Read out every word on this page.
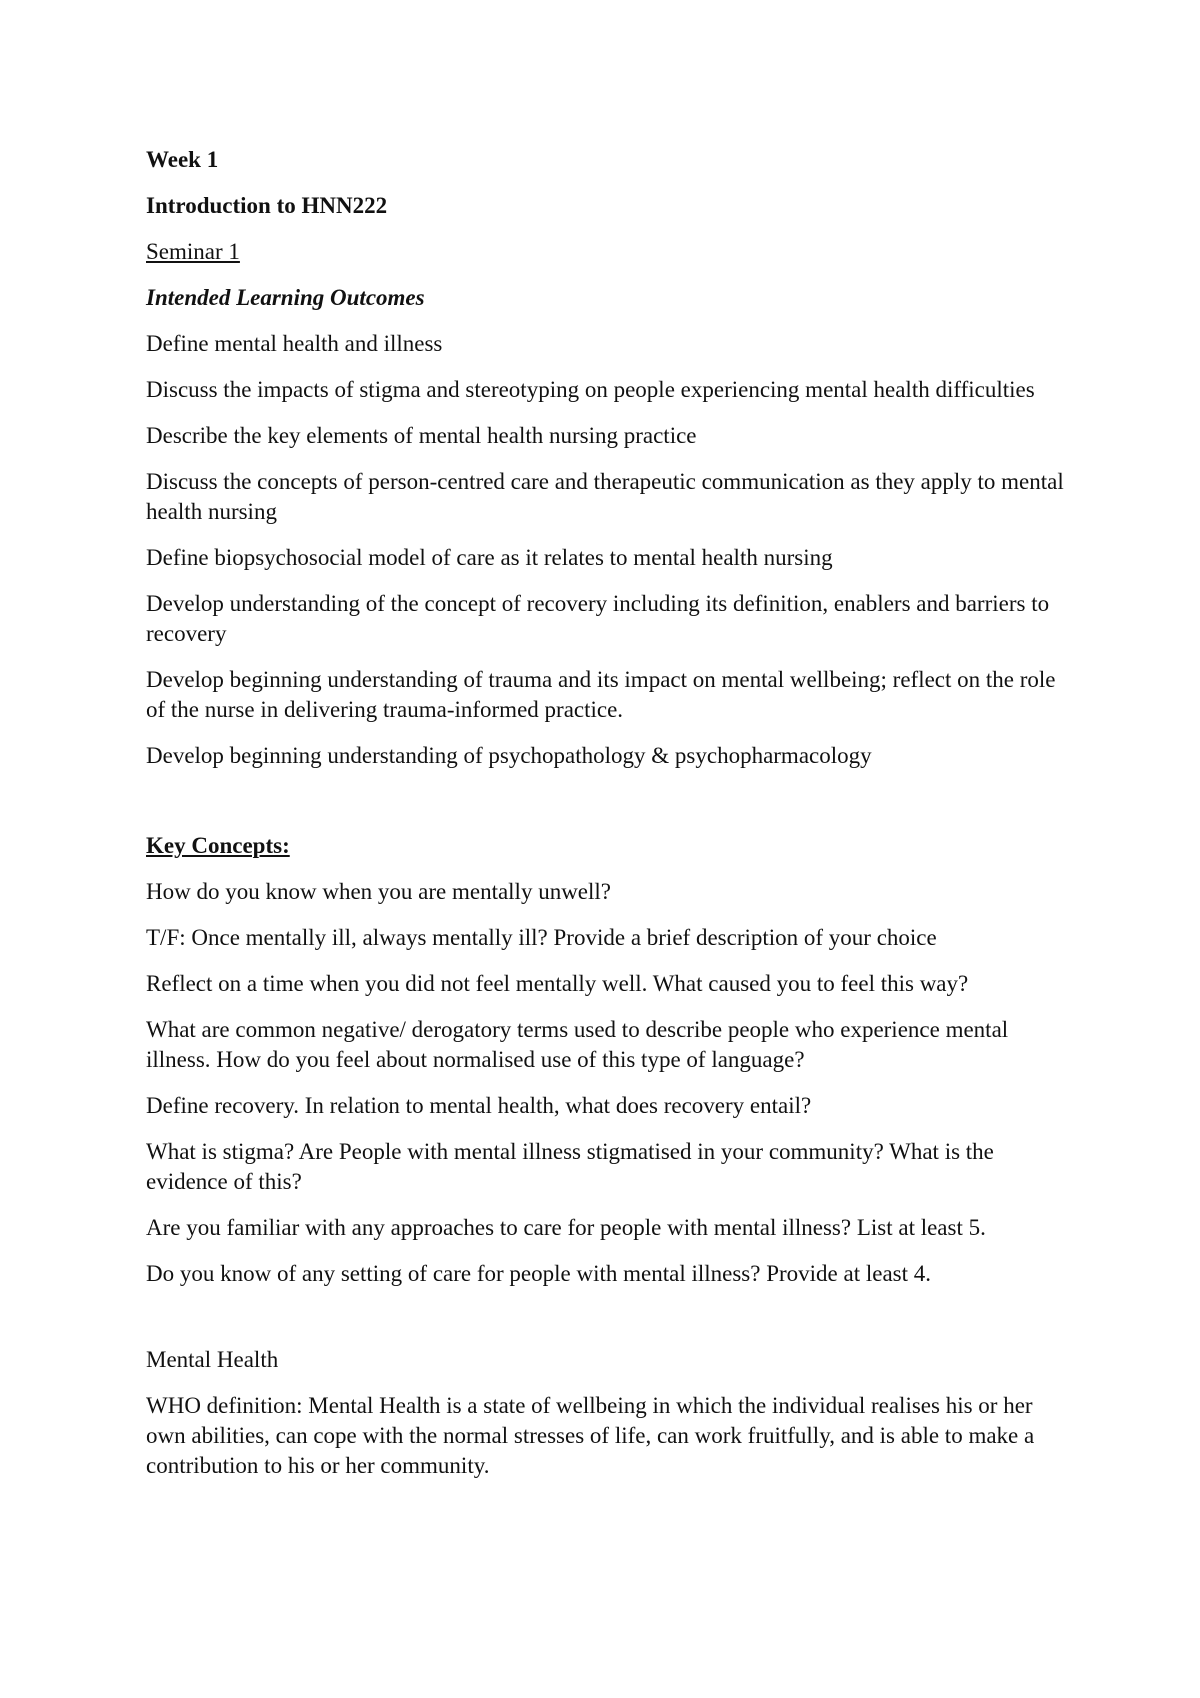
Week 1

Introduction to HNN222

Seminar 1

Intended Learning Outcomes

Define mental health and illness

Discuss the impacts of stigma and stereotyping on people experiencing mental health difficulties

Describe the key elements of mental health nursing practice

Discuss the concepts of person-centred care and therapeutic communication as they apply to mental health nursing

Define biopsychosocial model of care as it relates to mental health nursing

Develop understanding of the concept of recovery including its definition, enablers and barriers to recovery

Develop beginning understanding of trauma and its impact on mental wellbeing; reflect on the role of the nurse in delivering trauma-informed practice.

Develop beginning understanding of psychopathology & psychopharmacology

Key Concepts:

How do you know when you are mentally unwell?

T/F: Once mentally ill, always mentally ill? Provide a brief description of your choice

Reflect on a time when you did not feel mentally well. What caused you to feel this way?

What are common negative/ derogatory terms used to describe people who experience mental illness. How do you feel about normalised use of this type of language?

Define recovery. In relation to mental health, what does recovery entail?

What is stigma? Are People with mental illness stigmatised in your community? What is the evidence of this?

Are you familiar with any approaches to care for people with mental illness? List at least 5.

Do you know of any setting of care for people with mental illness? Provide at least 4.

Mental Health

WHO definition: Mental Health is a state of wellbeing in which the individual realises his or her own abilities, can cope with the normal stresses of life, can work fruitfully, and is able to make a contribution to his or her community.
